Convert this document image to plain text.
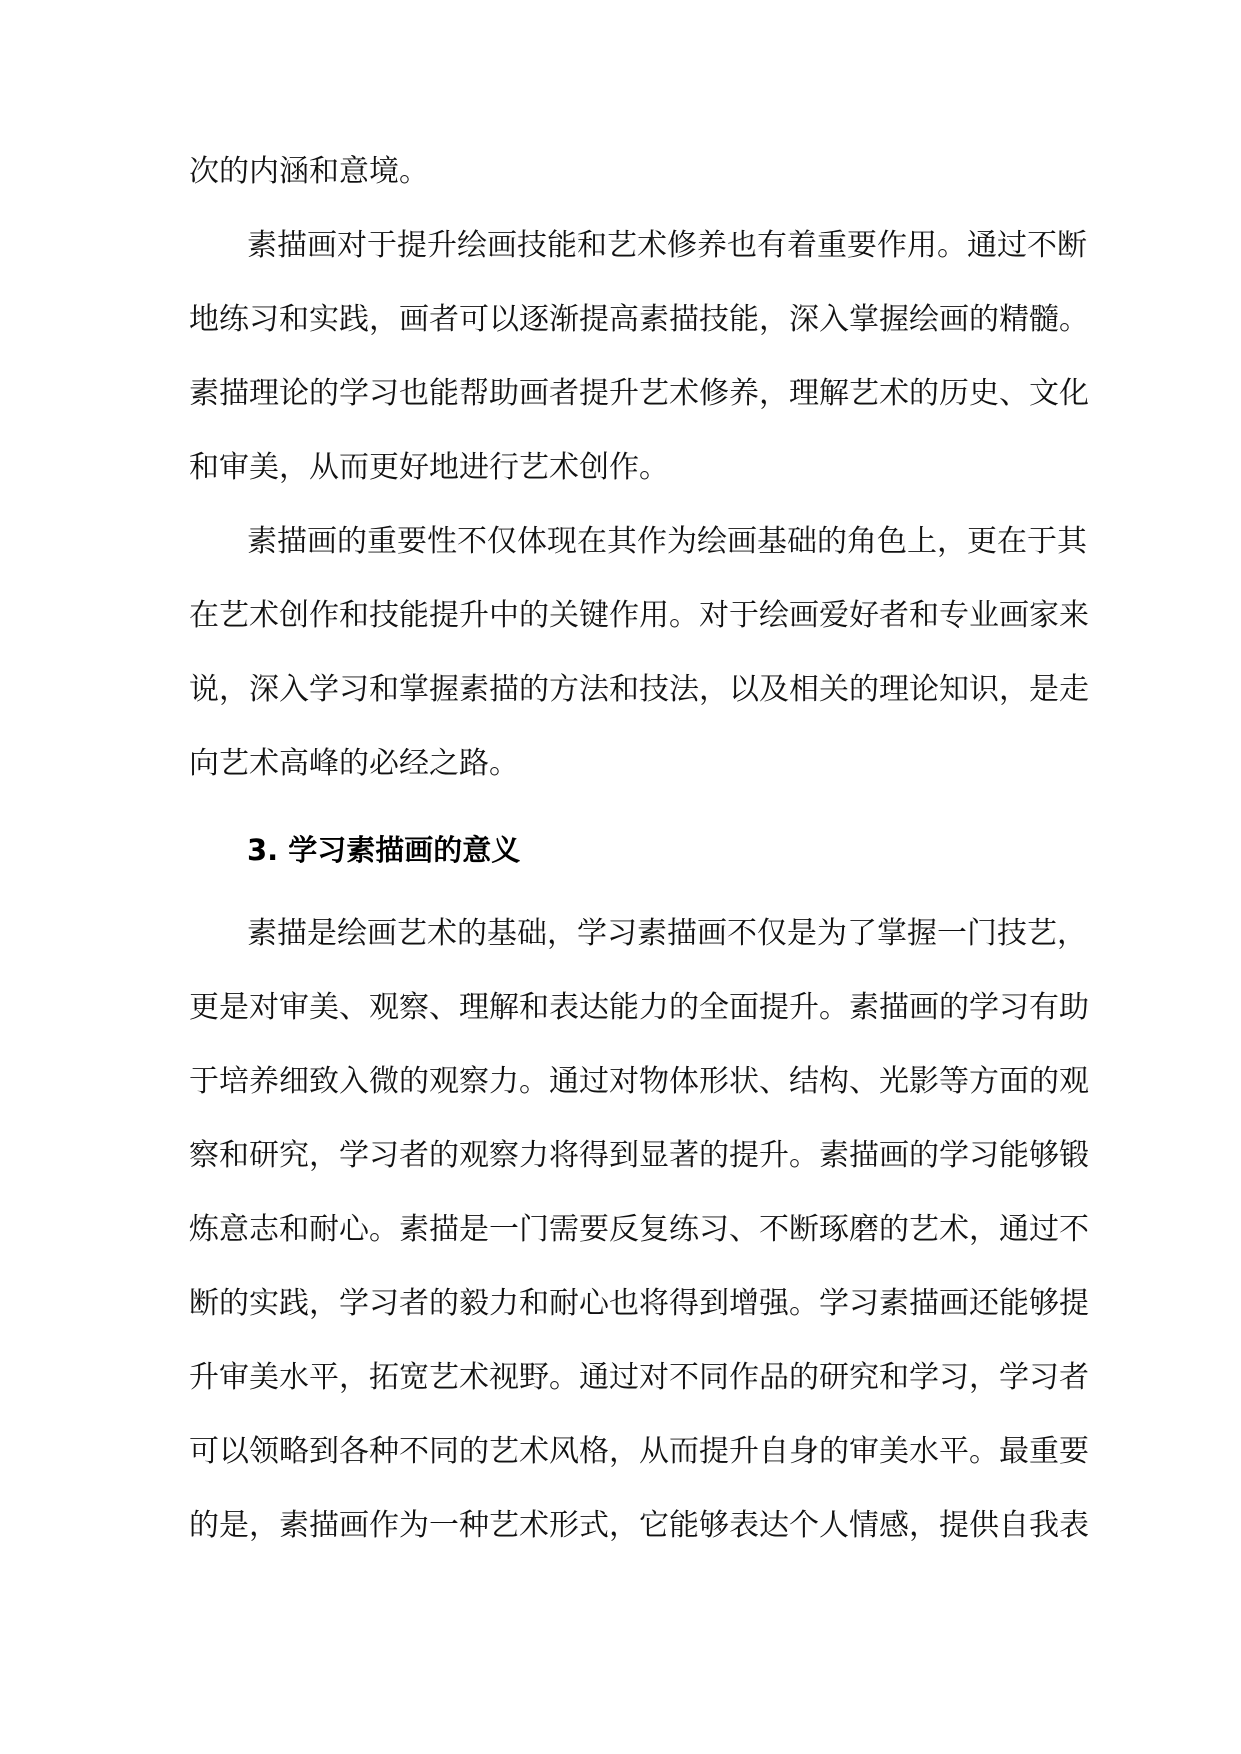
次的内涵和意境。

素描画对于提升绘画技能和艺术修养也有着重要作用。通过不断

地练习和实践，画者可以逐渐提高素描技能，深入掌握绘画的精髓。

素描理论的学习也能帮助画者提升艺术修养，理解艺术的历史、文化

和审美，从而更好地进行艺术创作。

素描画的重要性不仅体现在其作为绘画基础的角色上，更在于其

在艺术创作和技能提升中的关键作用。对于绘画爱好者和专业画家来

说，深入学习和掌握素描的方法和技法，以及相关的理论知识，是走

向艺术高峰的必经之路。

3. 学习素描画的意义

素描是绘画艺术的基础，学习素描画不仅是为了掌握一门技艺，

更是对审美、观察、理解和表达能力的全面提升。素描画的学习有助

于培养细致入微的观察力。通过对物体形状、结构、光影等方面的观

察和研究，学习者的观察力将得到显著的提升。素描画的学习能够锻

炼意志和耐心。素描是一门需要反复练习、不断琢磨的艺术，通过不

断的实践，学习者的毅力和耐心也将得到增强。学习素描画还能够提

升审美水平，拓宽艺术视野。通过对不同作品的研究和学习，学习者

可以领略到各种不同的艺术风格，从而提升自身的审美水平。最重要

的是，素描画作为一种艺术形式，它能够表达个人情感，提供自我表
